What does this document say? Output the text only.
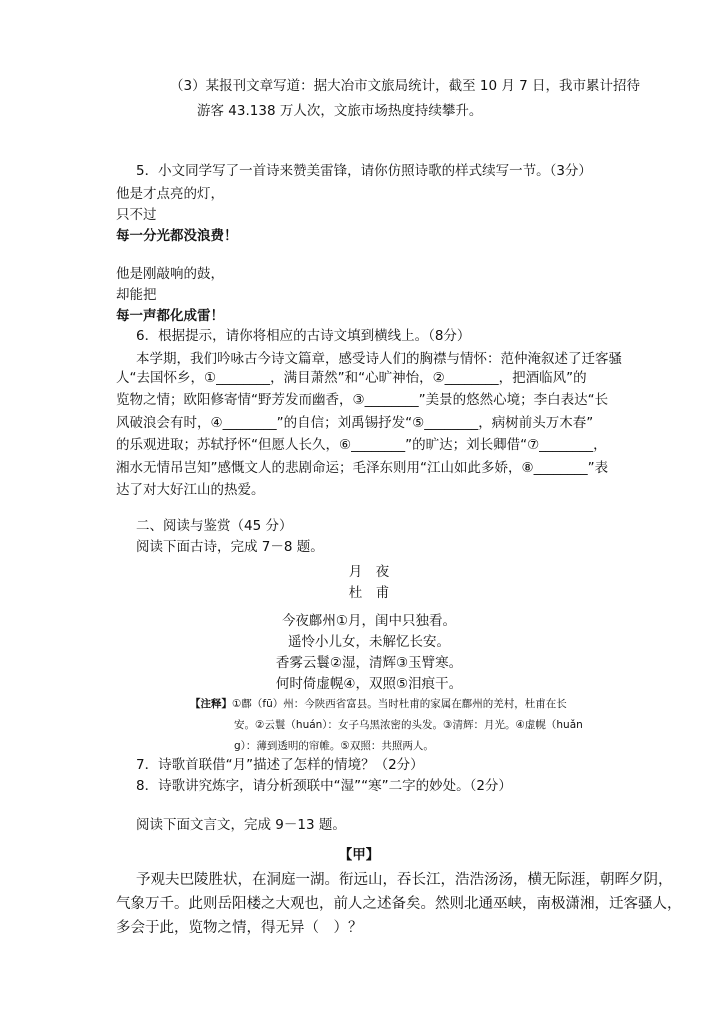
（3）某报刊文章写道：据大冶市文旅局统计，截至 10 月 7 日，我市累计招待
游客 43.138 万人次，文旅市场热度持续攀升。
5．小文同学写了一首诗来赞美雷锋，请你仿照诗歌的样式续写一节。（3分）
他是才点亮的灯，
只不过
每一分光都没浪费！
他是刚敲响的鼓，
却能把
每一声都化成雷！
6．根据提示，请你将相应的古诗文填到横线上。（8分）
本学期，我们吟咏古今诗文篇章，感受诗人们的胸襟与情怀：范仲淹叙述了迁客骚
人“去国怀乡，①________，满目萧然”和“心旷神怡，②________，把酒临风”的
览物之情；欧阳修寄情“野芳发而幽香，③________”美景的悠然心境；李白表达“长
风破浪会有时，④________”的自信；刘禹锡抒发“⑤________，病树前头万木春”
的乐观进取；苏轼抒怀“但愿人长久，⑥________”的旷达；刘长卿借“⑦________，
湘水无情吊岂知”感慨文人的悲剧命运；毛泽东则用“江山如此多娇，⑧________”表
达了对大好江山的热爱。
二、阅读与鉴赏（45 分）
阅读下面古诗，完成 7－8 题。
月　夜
杜　甫
今夜鄜州①月，闺中只独看。
遥怜小儿女，未解忆长安。
香雾云鬟②湿，清辉③玉臂寒。
何时倚虚幌④，双照⑤泪痕干。
【注释】①鄜（fū）州：今陕西省富县。当时杜甫的家属在鄜州的羌村，杜甫在长
安。②云鬟（huán）：女子乌黑浓密的头发。③清辉：月光。④虚幌（huǎn
g）：薄到透明的帘帷。⑤双照：共照两人。
7．诗歌首联借“月”描述了怎样的情境？（2分）
8．诗歌讲究炼字，请分析颈联中“湿”“寒”二字的妙处。（2分）
阅读下面文言文，完成 9－13 题。
【甲】
予观夫巴陵胜状，在洞庭一湖。衔远山，吞长江，浩浩汤汤，横无际涯，朝晖夕阴，
气象万千。此则岳阳楼之大观也，前人之述备矣。然则北通巫峡，南极潇湘，迁客骚人，
多会于此，览物之情，得无异（　）？
